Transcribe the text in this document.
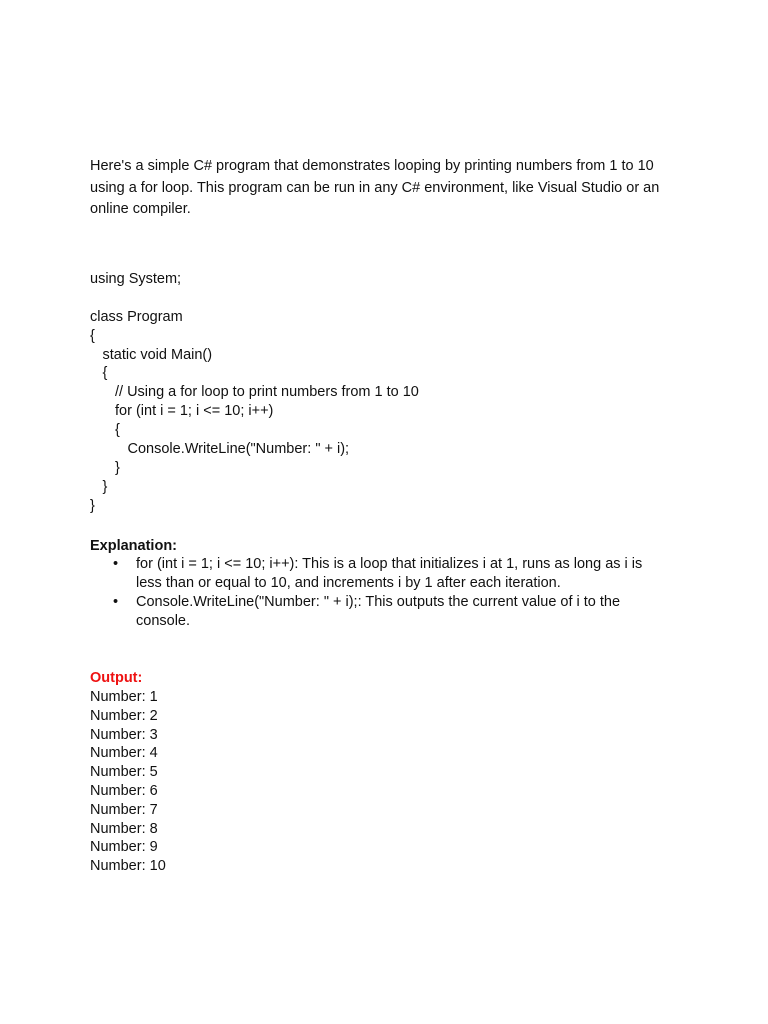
Here's a simple C# program that demonstrates looping by printing numbers from 1 to 10 using a for loop. This program can be run in any C# environment, like Visual Studio or an online compiler.

using System;
class Program
{
static void Main()
{
// Using a for loop to print numbers from 1 to 10
for (int i = 1; i <= 10; i++)
{
Console.WriteLine("Number: " + i);
}
}
}

Explanation:

• for (int i = 1; i <= 10; i++): This is a loop that initializes i at 1, runs as long as i is less than or equal to 10, and increments i by 1 after each iteration.
• Console.WriteLine("Number: " + i);: This outputs the current value of i to the console.

Output:

Number: 1
Number: 2
Number: 3
Number: 4
Number: 5
Number: 6
Number: 7
Number: 8
Number: 9
Number: 10
